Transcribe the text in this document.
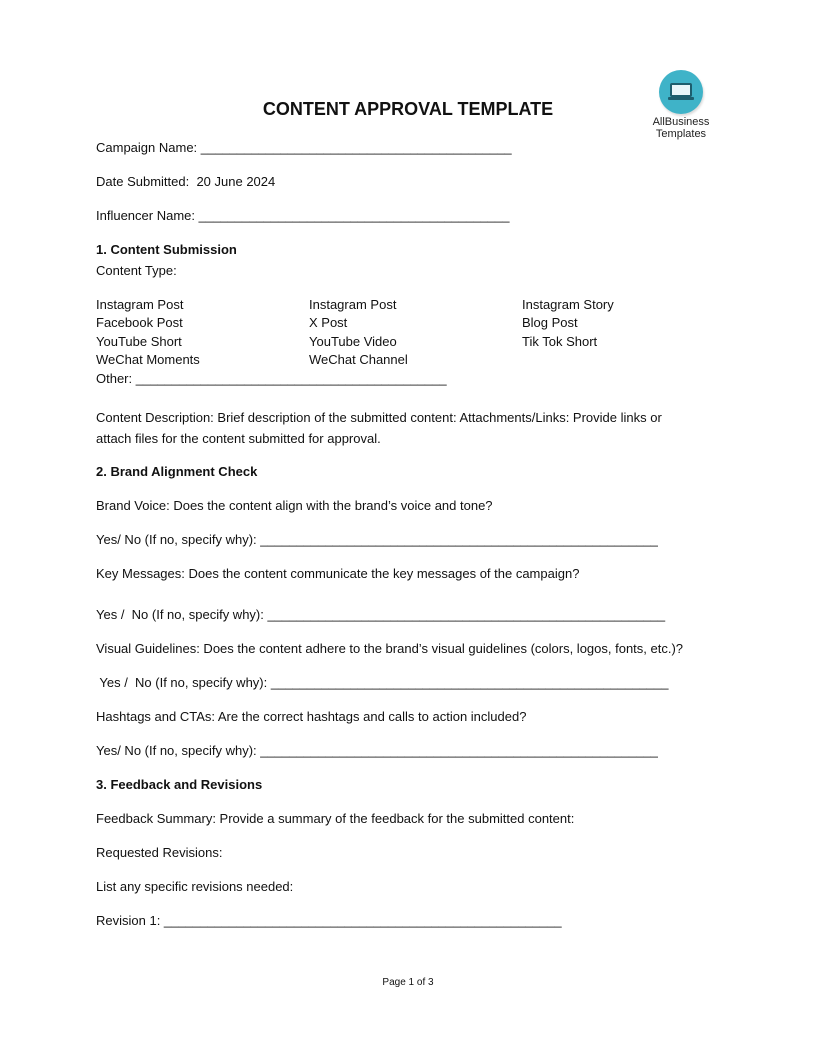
CONTENT APPROVAL TEMPLATE
AllBusiness
Templates
Campaign Name: ___________________________________________
Date Submitted:  20 June 2024
Influencer Name: ___________________________________________
1. Content Submission
Content Type:
Instagram Post
Facebook Post
YouTube Short
WeChat Moments
Instagram Post
X Post
YouTube Video
WeChat Channel
Instagram Story
Blog Post
Tik Tok Short
Other: ___________________________________________
Content Description: Brief description of the submitted content: Attachments/Links: Provide links or
attach files for the content submitted for approval.
2. Brand Alignment Check
Brand Voice: Does the content align with the brand’s voice and tone?
Yes/ No (If no, specify why): _______________________________________________________
Key Messages: Does the content communicate the key messages of the campaign?
Yes /  No (If no, specify why): _______________________________________________________
Visual Guidelines: Does the content adhere to the brand’s visual guidelines (colors, logos, fonts, etc.)?
Yes /  No (If no, specify why): _______________________________________________________
Hashtags and CTAs: Are the correct hashtags and calls to action included?
Yes/ No (If no, specify why): _______________________________________________________
3. Feedback and Revisions
Feedback Summary: Provide a summary of the feedback for the submitted content:
Requested Revisions:
List any specific revisions needed:
Revision 1: _______________________________________________________
Page 1 of 3
